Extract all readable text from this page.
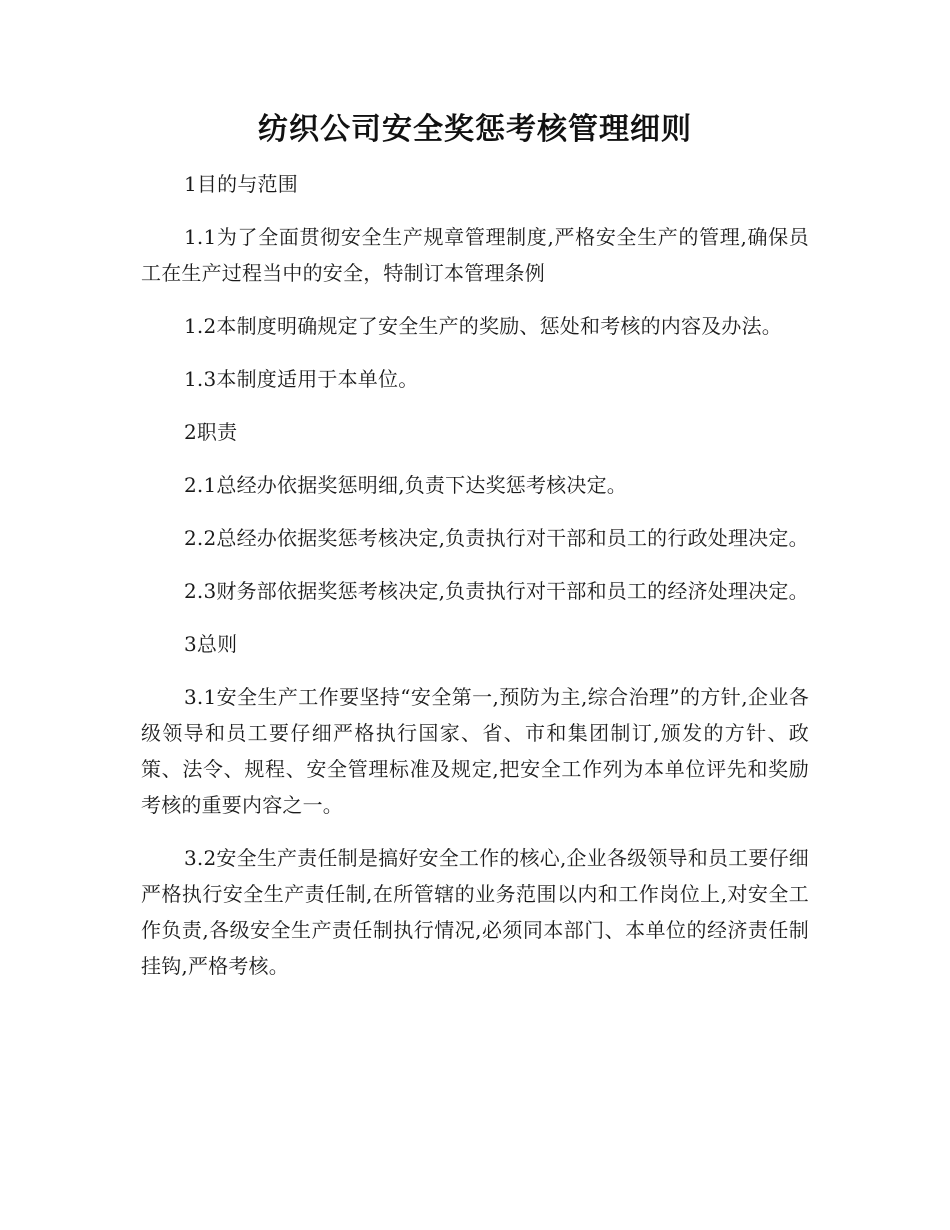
纺织公司安全奖惩考核管理细则

1目的与范围

1.1为了全面贯彻安全生产规章管理制度,严格安全生产的管理,确保员工在生产过程当中的安全，特制订本管理条例

1.2本制度明确规定了安全生产的奖励、惩处和考核的内容及办法。

1.3本制度适用于本单位。

2职责

2.1总经办依据奖惩明细,负责下达奖惩考核决定。

2.2总经办依据奖惩考核决定,负责执行对干部和员工的行政处理决定。

2.3财务部依据奖惩考核决定,负责执行对干部和员工的经济处理决定。

3总则

3.1安全生产工作要坚持“安全第一,预防为主,综合治理”的方针,企业各级领导和员工要仔细严格执行国家、省、市和集团制订,颁发的方针、政策、法令、规程、安全管理标准及规定,把安全工作列为本单位评先和奖励考核的重要内容之一。

3.2安全生产责任制是搞好安全工作的核心,企业各级领导和员工要仔细严格执行安全生产责任制,在所管辖的业务范围以内和工作岗位上,对安全工作负责,各级安全生产责任制执行情况,必须同本部门、本单位的经济责任制挂钩,严格考核。
